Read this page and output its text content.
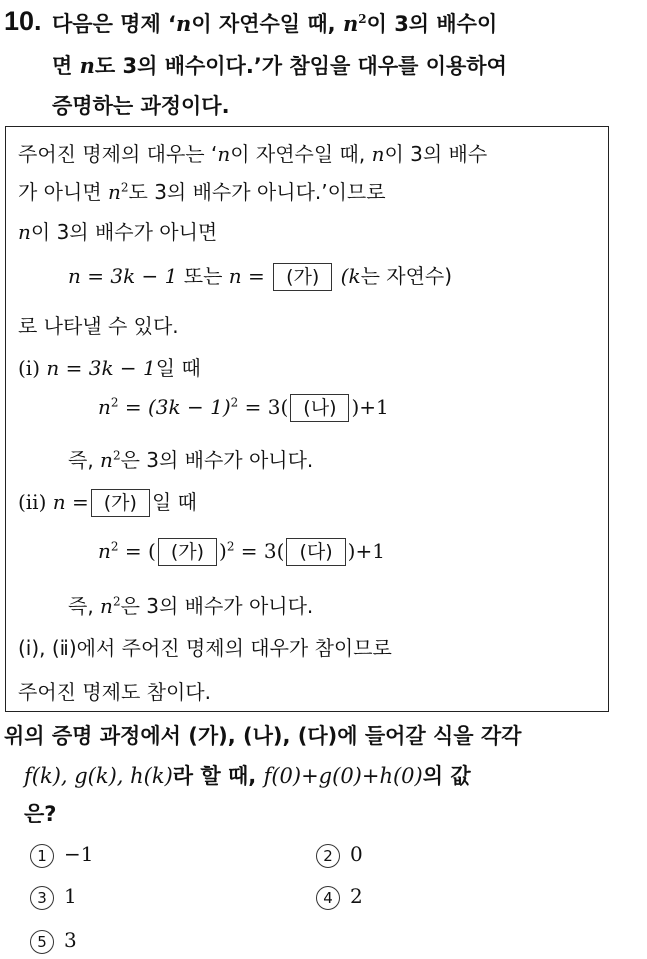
10. 다음은 명제 ‘n이 자연수일 때, $n^2$이 3의 배수이
면 n도 3의 배수이다.’가 참임을 대우를 이용하여
증명하는 과정이다.
주어진 명제의 대우는 ‘n이 자연수일 때, n이 3의 배수
가 아니면 $n^2$도 3의 배수가 아니다.’이므로
n이 3의 배수가 아니면
n = 3k − 1 또는 n = (가) (k는 자연수)
로 나타낼 수 있다.
(ⅰ) n = 3k − 1일 때
$n^2 = (3k - 1)^2 = 3$( (나) )+1
즉, $n^2$은 3의 배수가 아니다.
(ⅱ) n = (가) 일 때
$n^2$ = ( (가) )$^2$ = 3( (다) )+1
즉, $n^2$은 3의 배수가 아니다.
(ⅰ), (ⅱ)에서 주어진 명제의 대우가 참이므로
주어진 명제도 참이다.
위의 증명 과정에서 (가), (나), (다)에 들어갈 식을 각각
f(k), g(k), h(k)라 할 때, f(0)+g(0)+h(0)의 값
은?
1 −1	2 0
3 1	4 2
5 3
